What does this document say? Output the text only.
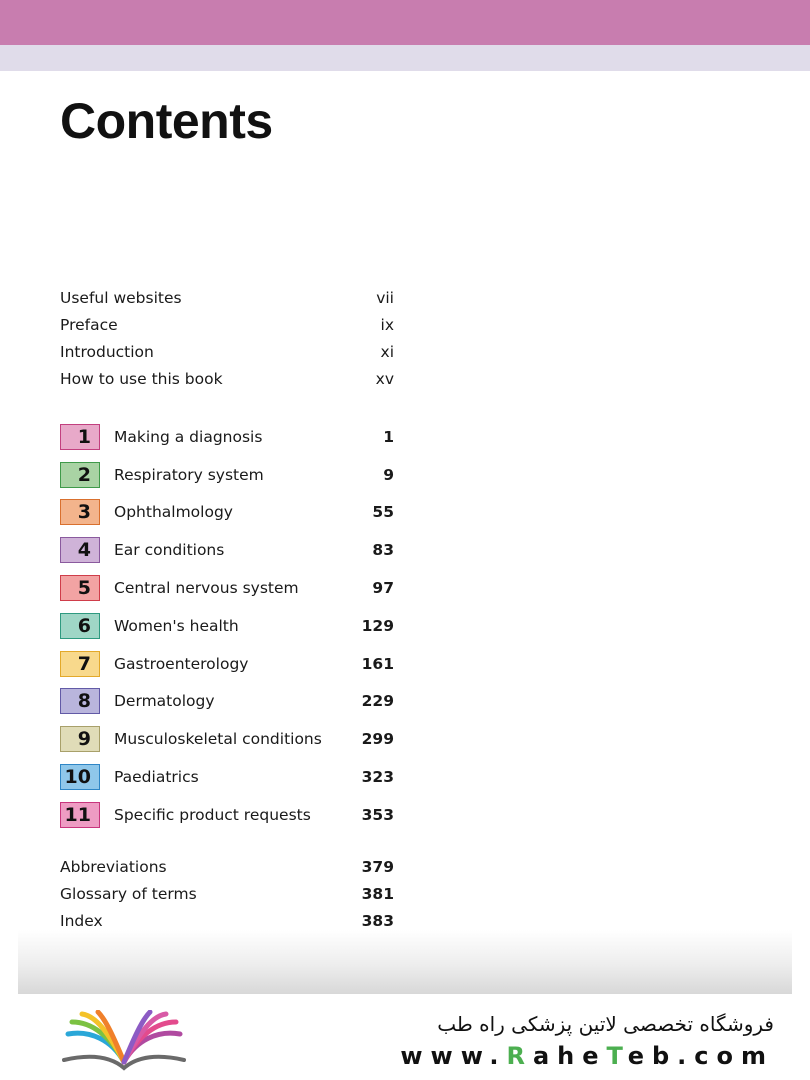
Contents
Useful websites	vii
Preface	ix
Introduction	xi
How to use this book	xv
1	Making a diagnosis	1
2	Respiratory system	9
3	Ophthalmology	55
4	Ear conditions	83
5	Central nervous system	97
6	Women's health	129
7	Gastroenterology	161
8	Dermatology	229
9	Musculoskeletal conditions	299
10	Paediatrics	323
11	Specific product requests	353
Abbreviations	379
Glossary of terms	381
Index	383
فروشگاه تخصصی لاتین پزشکی راه طب
www.RaheTeb.com
